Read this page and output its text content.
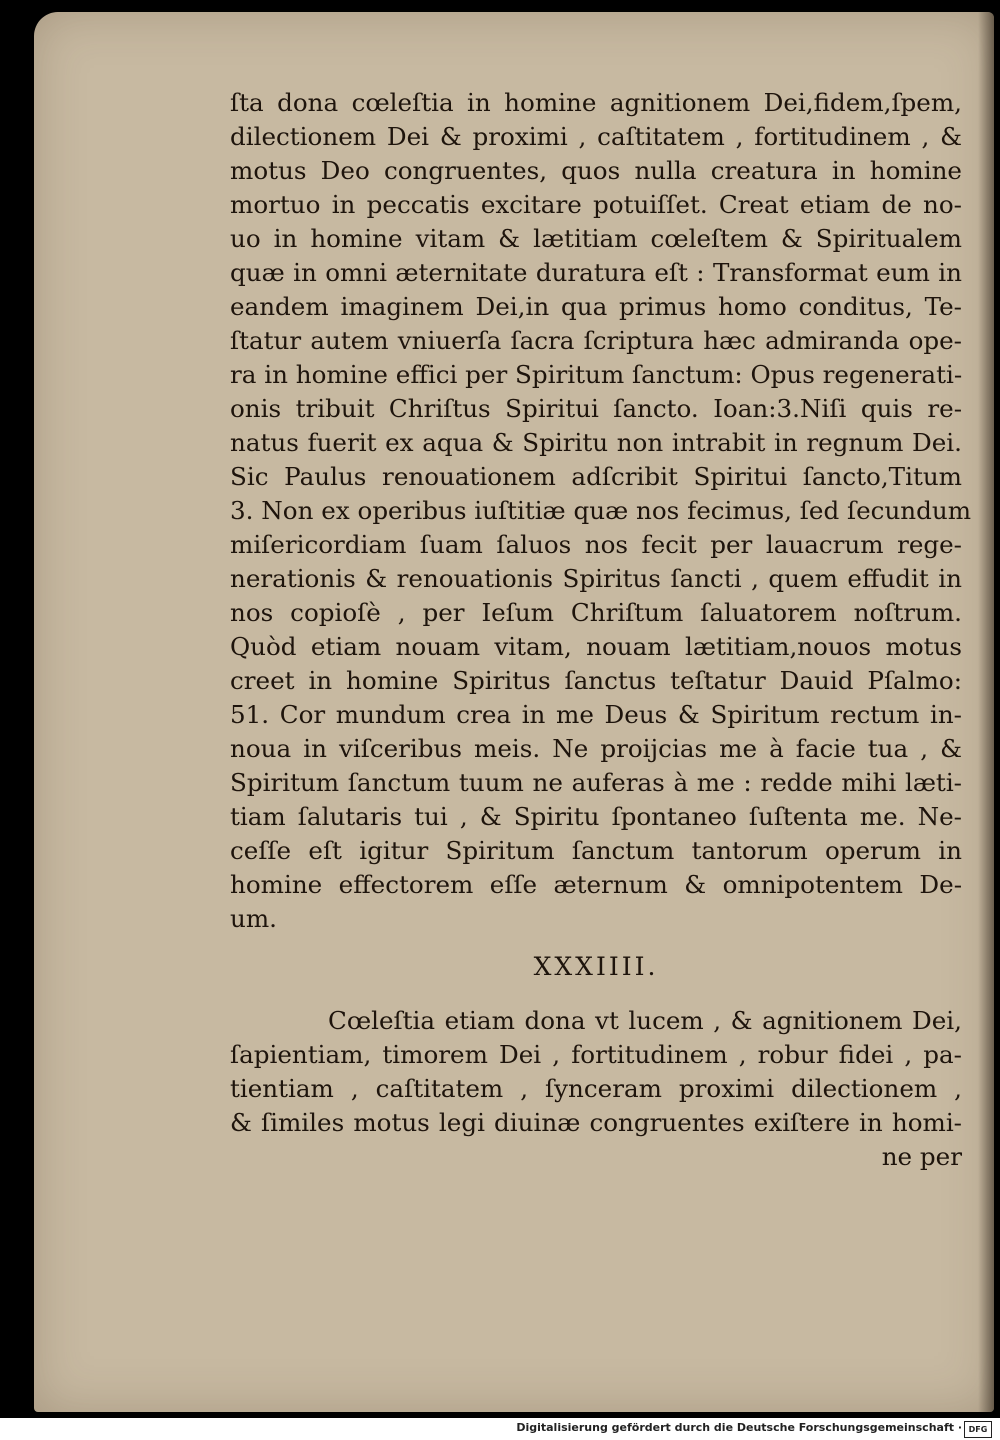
ſta dona cœleſtia in homine agnitionem Dei,fidem,ſpem,
dilectionem Dei & proximi , caſtitatem , fortitudinem , &
motus Deo congruentes, quos nulla creatura in homine
mortuo in peccatis excitare potuiſſet. Creat etiam de no-
uo in homine vitam & lætitiam cœleſtem & Spiritualem
quæ in omni æternitate duratura eſt : Transformat eum in
eandem imaginem Dei,in qua primus homo conditus, Te-
ſtatur autem vniuerſa ſacra ſcriptura hæc admiranda ope-
ra in homine effici per Spiritum ſanctum: Opus regenerati-
onis tribuit Chriſtus Spiritui ſancto. Ioan:3.Niſi quis re-
natus fuerit ex aqua & Spiritu non intrabit in regnum Dei.
Sic Paulus renouationem adſcribit Spiritui ſancto,Titum
3. Non ex operibus iuſtitiæ quæ nos fecimus, ſed ſecundum
miſericordiam ſuam ſaluos nos fecit per lauacrum rege-
nerationis & renouationis Spiritus ſancti , quem effudit in
nos copioſè , per Ieſum Chriſtum ſaluatorem noſtrum.
Quòd etiam nouam vitam, nouam lætitiam,nouos motus
creet in homine Spiritus ſanctus teſtatur Dauid Pſalmo:
51. Cor mundum crea in me Deus & Spiritum rectum in-
noua in viſceribus meis. Ne proijcias me à facie tua , &
Spiritum ſanctum tuum ne auferas à me : redde mihi læti-
tiam ſalutaris tui , & Spiritu ſpontaneo ſuſtenta me. Ne-
ceſſe eſt igitur Spiritum ſanctum tantorum operum in
homine effectorem eſſe æternum & omnipotentem De-
um.
XXXIIII.
Cœleſtia etiam dona vt lucem , & agnitionem Dei,
ſapientiam, timorem Dei , fortitudinem , robur fidei , pa-
tientiam , caſtitatem , ſynceram proximi dilectionem ,
& ſimiles motus legi diuinæ congruentes exiſtere in homi-
ne per
Digitalisierung gefördert durch die Deutsche Forschungsgemeinschaft · DFG
